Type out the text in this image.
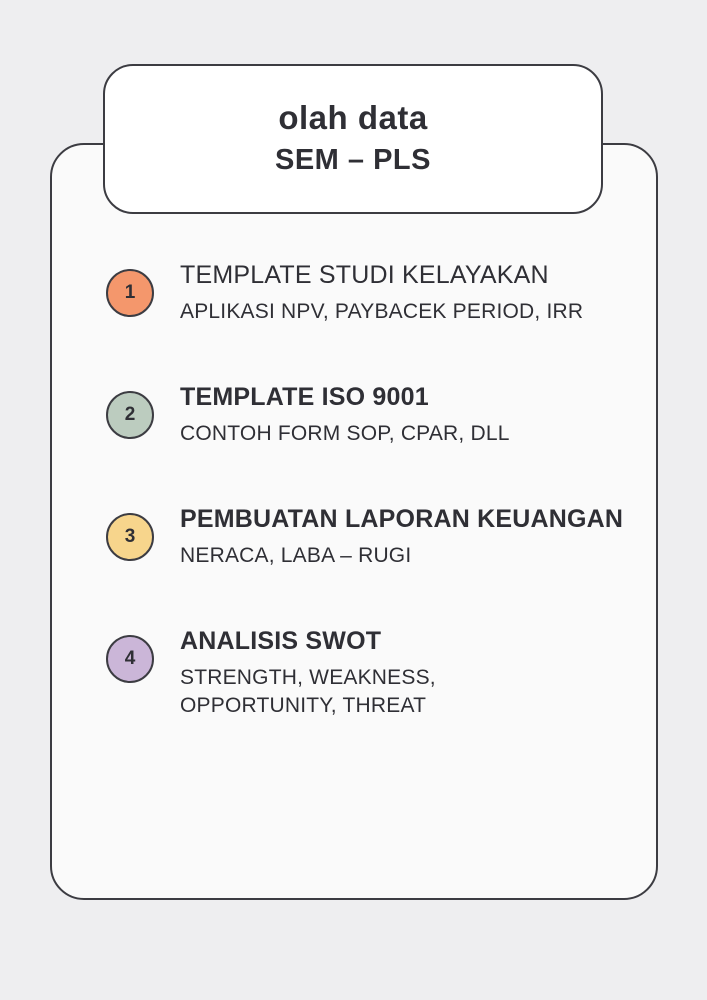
olah data
SEM – PLS
1
TEMPLATE STUDI KELAYAKAN
APLIKASI NPV, PAYBACEK PERIOD, IRR
2
TEMPLATE ISO 9001
CONTOH FORM SOP, CPAR, DLL
3
PEMBUATAN LAPORAN KEUANGAN
NERACA, LABA – RUGI
4
ANALISIS SWOT
STRENGTH, WEAKNESS, OPPORTUNITY, THREAT
